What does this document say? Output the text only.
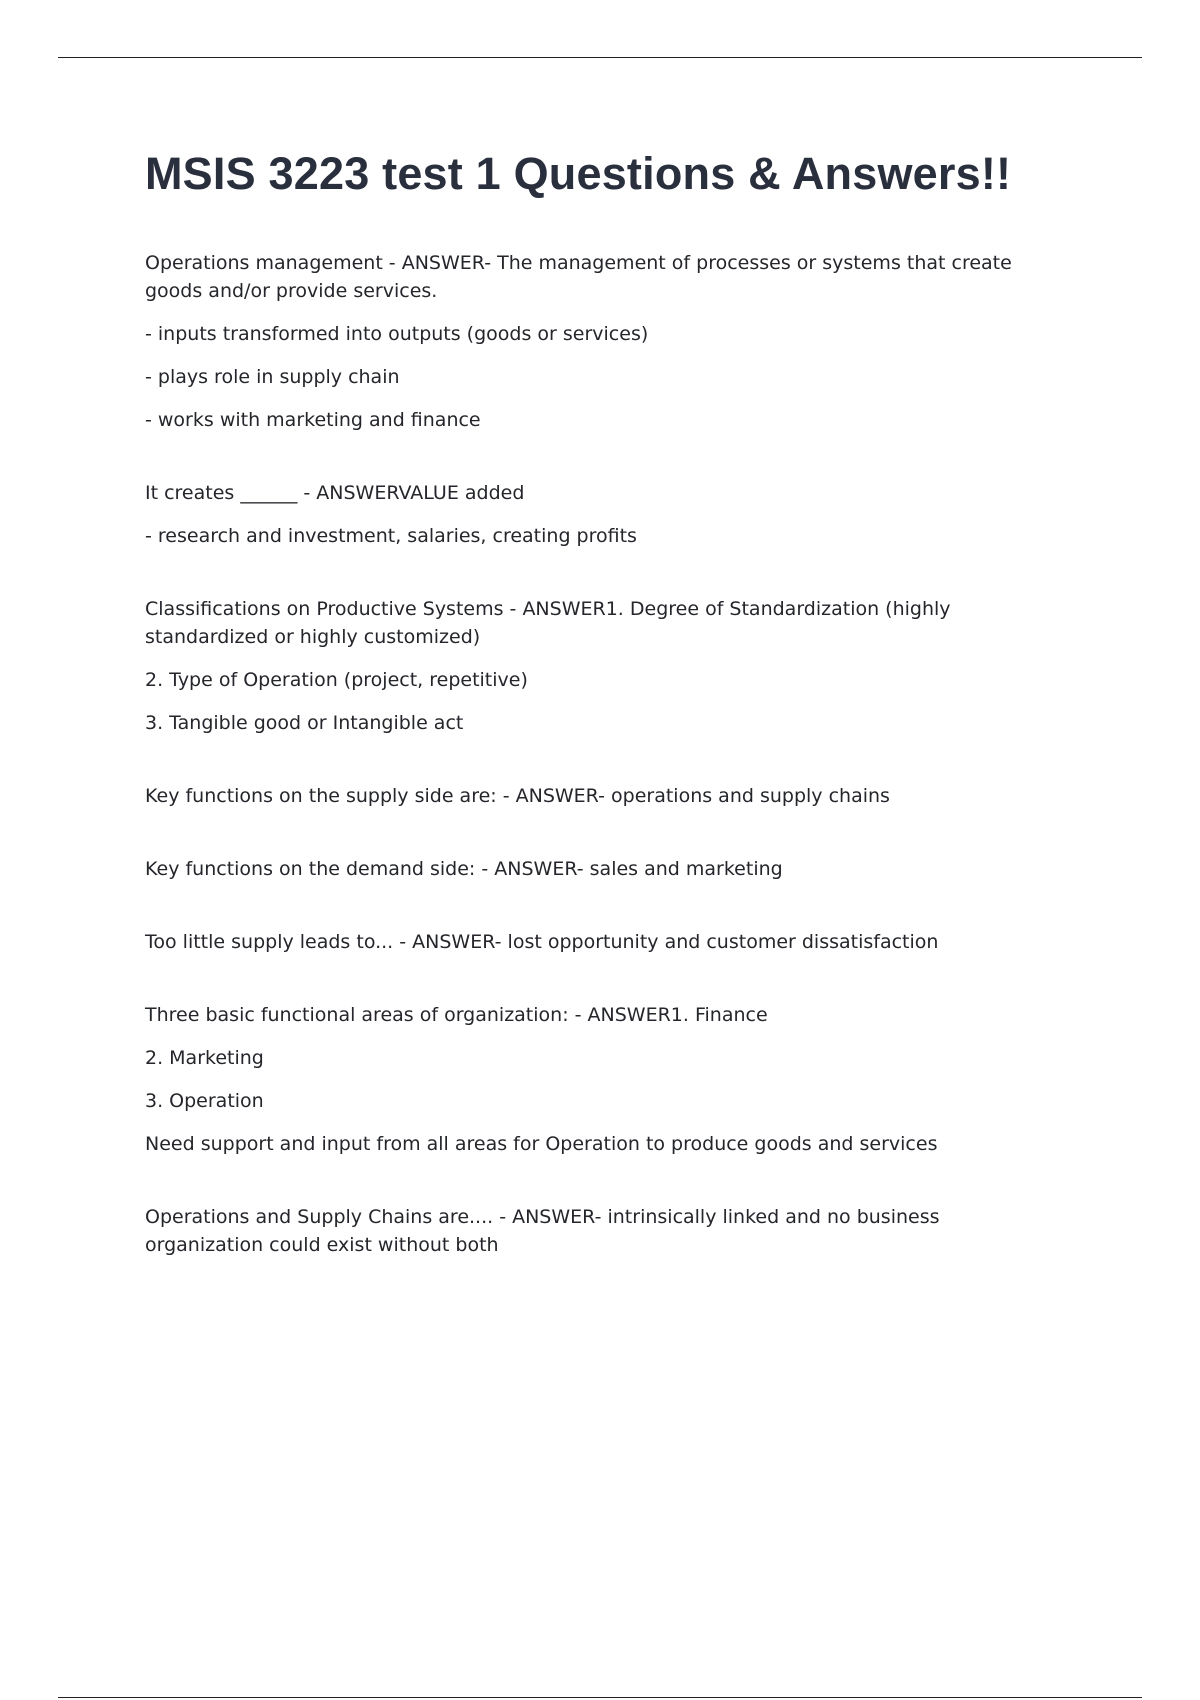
MSIS 3223 test 1 Questions & Answers!!

Operations management - ANSWER- The management of processes or systems that create goods and/or provide services.

- inputs transformed into outputs (goods or services)

- plays role in supply chain

- works with marketing and finance

It creates ______ - ANSWERVALUE added

- research and investment, salaries, creating profits

Classifications on Productive Systems - ANSWER1. Degree of Standardization (highly standardized or highly customized)

2. Type of Operation (project, repetitive)

3. Tangible good or Intangible act

Key functions on the supply side are: - ANSWER- operations and supply chains

Key functions on the demand side: - ANSWER- sales and marketing

Too little supply leads to... - ANSWER- lost opportunity and customer dissatisfaction

Three basic functional areas of organization: - ANSWER1. Finance

2. Marketing

3. Operation

Need support and input from all areas for Operation to produce goods and services

Operations and Supply Chains are.... - ANSWER- intrinsically linked and no business organization could exist without both
